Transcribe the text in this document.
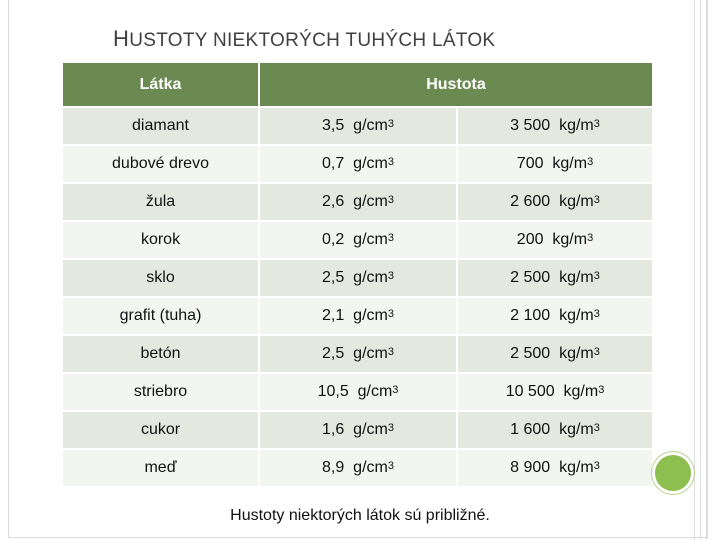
HUSTOTY NIEKTORÝCH TUHÝCH LÁTOK
Látka	Hustota	
diamant	3,5 $g/cm^3$	3 500 $kg/m^3$
dubové drevo	0,7 $g/cm^3$	700 $kg/m^3$
žula	2,6 $g/cm^3$	2 600 $kg/m^3$
korok	0,2 $g/cm^3$	200 $kg/m^3$
sklo	2,5 $g/cm^3$	2 500 $kg/m^3$
grafit (tuha)	2,1 $g/cm^3$	2 100 $kg/m^3$
betón	2,5 $g/cm^3$	2 500 $kg/m^3$
striebro	10,5 $g/cm^3$	10 500 $kg/m^3$
cukor	1,6 $g/cm^3$	1 600 $kg/m^3$
meď	8,9 $g/cm^3$	8 900 $kg/m^3$
Hustoty niektorých látok sú približné.
